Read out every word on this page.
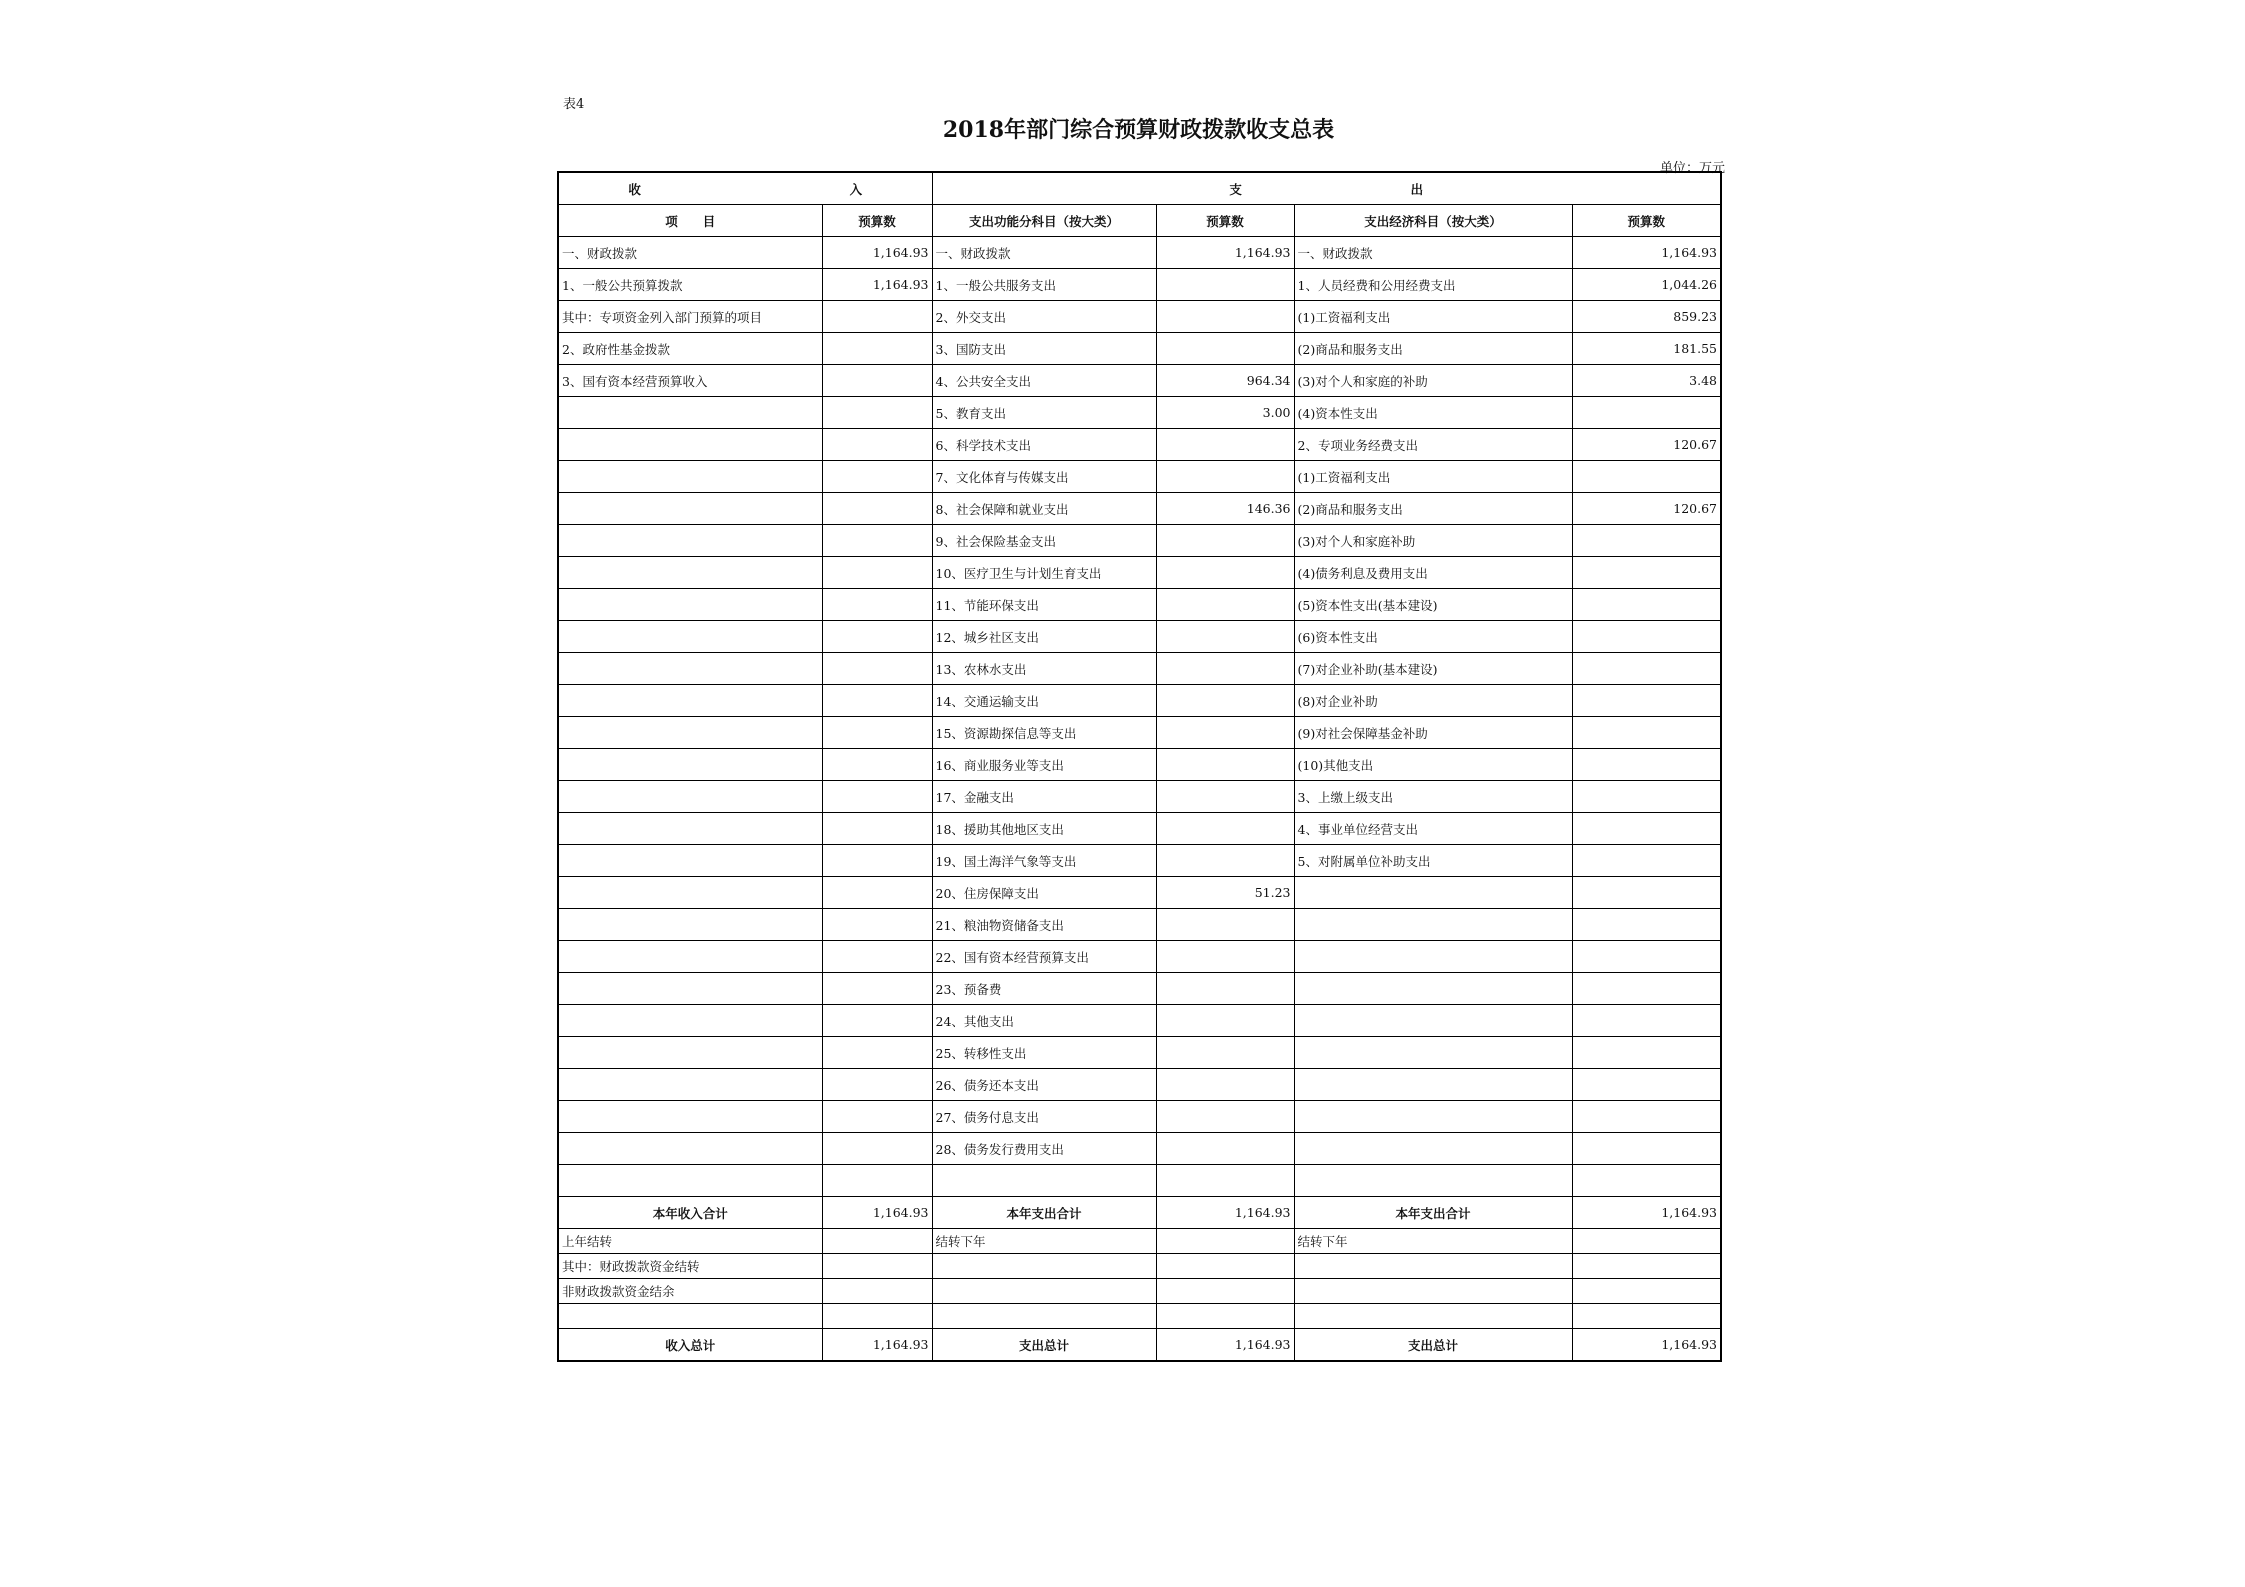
表4
2018年部门综合预算财政拨款收支总表
单位：万元
收 入		支 出			
项　　目	预算数	支出功能分科目（按大类）	预算数	支出经济科目（按大类）	预算数
一、财政拨款	1,164.93	一、财政拨款	1,164.93	一、财政拨款	1,164.93
1、一般公共预算拨款	1,164.93	1、一般公共服务支出		1、人员经费和公用经费支出	1,044.26
其中：专项资金列入部门预算的项目		2、外交支出		(1)工资福利支出	859.23
2、政府性基金拨款		3、国防支出		(2)商品和服务支出	181.55
3、国有资本经营预算收入		4、公共安全支出	964.34	(3)对个人和家庭的补助	3.48
		5、教育支出	3.00	(4)资本性支出	
		6、科学技术支出		2、专项业务经费支出	120.67
		7、文化体育与传媒支出		(1)工资福利支出	
		8、社会保障和就业支出	146.36	(2)商品和服务支出	120.67
		9、社会保险基金支出		(3)对个人和家庭补助	
		10、医疗卫生与计划生育支出		(4)债务利息及费用支出	
		11、节能环保支出		(5)资本性支出(基本建设)	
		12、城乡社区支出		(6)资本性支出	
		13、农林水支出		(7)对企业补助(基本建设)	
		14、交通运输支出		(8)对企业补助	
		15、资源勘探信息等支出		(9)对社会保障基金补助	
		16、商业服务业等支出		(10)其他支出	
		17、金融支出		3、上缴上级支出	
		18、援助其他地区支出		4、事业单位经营支出	
		19、国土海洋气象等支出		5、对附属单位补助支出	
		20、住房保障支出	51.23		
		21、粮油物资储备支出			
		22、国有资本经营预算支出			
		23、预备费			
		24、其他支出			
		25、转移性支出			
		26、债务还本支出			
		27、债务付息支出			
		28、债务发行费用支出			

本年收入合计	1,164.93	本年支出合计	1,164.93	本年支出合计	1,164.93
上年结转		结转下年		结转下年	
其中：财政拨款资金结转					
非财政拨款资金结余					

收入总计	1,164.93	支出总计	1,164.93	支出总计	1,164.93
